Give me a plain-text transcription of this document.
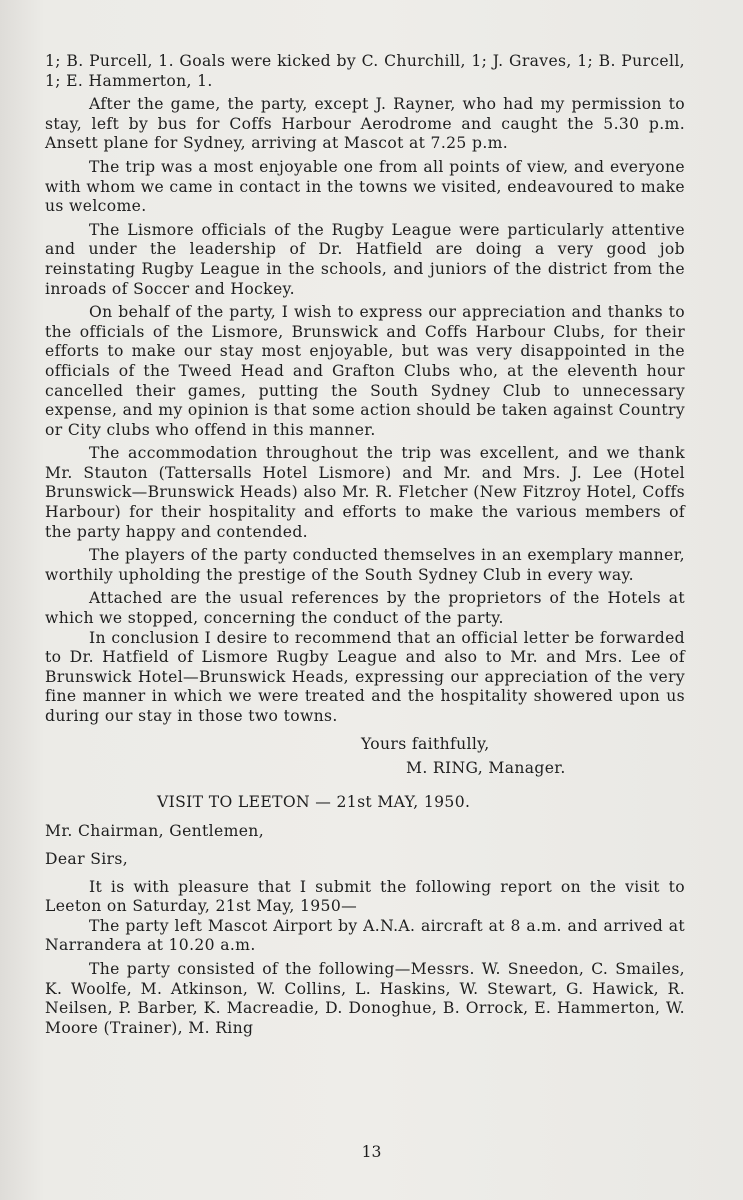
1; B. Purcell, 1. Goals were kicked by C. Churchill, 1; J. Graves, 1; B. Purcell, 1; E. Hammerton, 1.

After the game, the party, except J. Rayner, who had my permission to stay, left by bus for Coffs Harbour Aerodrome and caught the 5.30 p.m. Ansett plane for Sydney, arriving at Mascot at 7.25 p.m.

The trip was a most enjoyable one from all points of view, and everyone with whom we came in contact in the towns we visited, endeavoured to make us welcome.

The Lismore officials of the Rugby League were particularly attentive and under the leadership of Dr. Hatfield are doing a very good job reinstating Rugby League in the schools, and juniors of the district from the inroads of Soccer and Hockey.

On behalf of the party, I wish to express our appreciation and thanks to the officials of the Lismore, Brunswick and Coffs Harbour Clubs, for their efforts to make our stay most enjoyable, but was very disappointed in the officials of the Tweed Head and Grafton Clubs who, at the eleventh hour cancelled their games, putting the South Sydney Club to unnecessary expense, and my opinion is that some action should be taken against Country or City clubs who offend in this manner.

The accommodation throughout the trip was excellent, and we thank Mr. Stauton (Tattersalls Hotel Lismore) and Mr. and Mrs. J. Lee (Hotel Brunswick—Brunswick Heads) also Mr. R. Fletcher (New Fitzroy Hotel, Coffs Harbour) for their hospitality and efforts to make the various members of the party happy and contended.

The players of the party conducted themselves in an exemplary manner, worthily upholding the prestige of the South Sydney Club in every way.

Attached are the usual references by the proprietors of the Hotels at which we stopped, concerning the conduct of the party.

In conclusion I desire to recommend that an official letter be forwarded to Dr. Hatfield of Lismore Rugby League and also to Mr. and Mrs. Lee of Brunswick Hotel—Brunswick Heads, expressing our appreciation of the very fine manner in which we were treated and the hospitality showered upon us during our stay in those two towns.

Yours faithfully,
M. RING, Manager.
VISIT TO LEETON — 21st MAY, 1950.
Mr. Chairman, Gentlemen,
Dear Sirs,

It is with pleasure that I submit the following report on the visit to Leeton on Saturday, 21st May, 1950—

The party left Mascot Airport by A.N.A. aircraft at 8 a.m. and arrived at Narrandera at 10.20 a.m.

The party consisted of the following—Messrs. W. Sneedon, C. Smailes, K. Woolfe, M. Atkinson, W. Collins, L. Haskins, W. Stewart, G. Hawick, R. Neilsen, P. Barber, K. Macreadie, D. Donoghue, B. Orrock, E. Hammerton, W. Moore (Trainer), M. Ring

13
